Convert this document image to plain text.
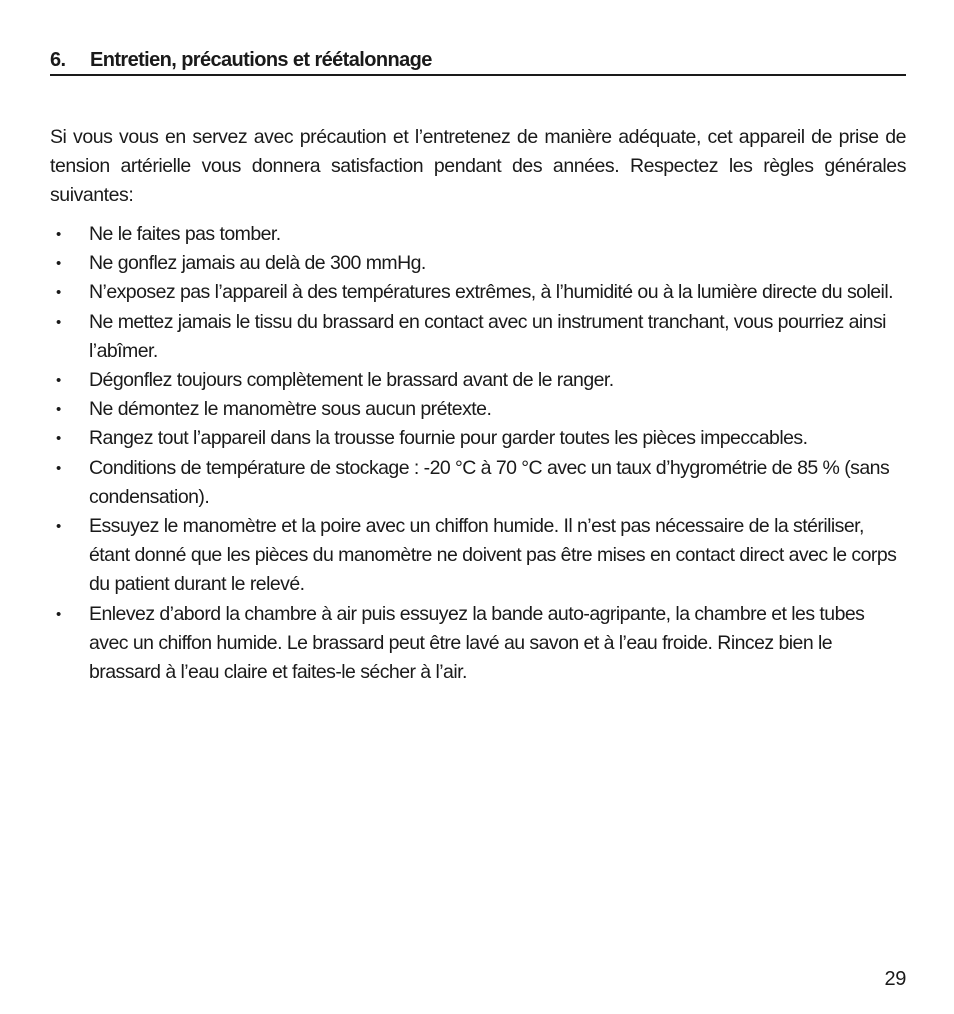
6. Entretien, précautions et réétalonnage

Si vous vous en servez avec précaution et l’entretenez de manière adéquate, cet appareil de prise de tension artérielle vous donnera satisfaction pendant des années. Respectez les règles générales suivantes:

• Ne le faites pas tomber.
• Ne gonflez jamais au delà de 300 mmHg.
• N’exposez pas l’appareil à des températures extrêmes, à l’humidité ou à la lumière directe du soleil.
• Ne mettez jamais le tissu du brassard en contact avec un instrument tranchant, vous pourriez ainsi l’abîmer.
• Dégonflez toujours complètement le brassard avant de le ranger.
• Ne démontez le manomètre sous aucun prétexte.
• Rangez tout l’appareil dans la trousse fournie pour garder toutes les pièces impeccables.
• Conditions de température de stockage : -20 °C à 70 °C avec un taux d’hygrométrie de 85 % (sans condensation).
• Essuyez le manomètre et la poire avec un chiffon humide. Il n’est pas nécessaire de la stériliser, étant donné que les pièces du manomètre ne doivent pas être mises en contact direct avec le corps du patient durant le relevé.
• Enlevez d’abord la chambre à air puis essuyez la bande auto-agripante, la chambre et les tubes avec un chiffon humide. Le brassard peut être lavé au savon et à l’eau froide. Rincez bien le brassard à l’eau claire et faites-le sécher à l’air.
29
